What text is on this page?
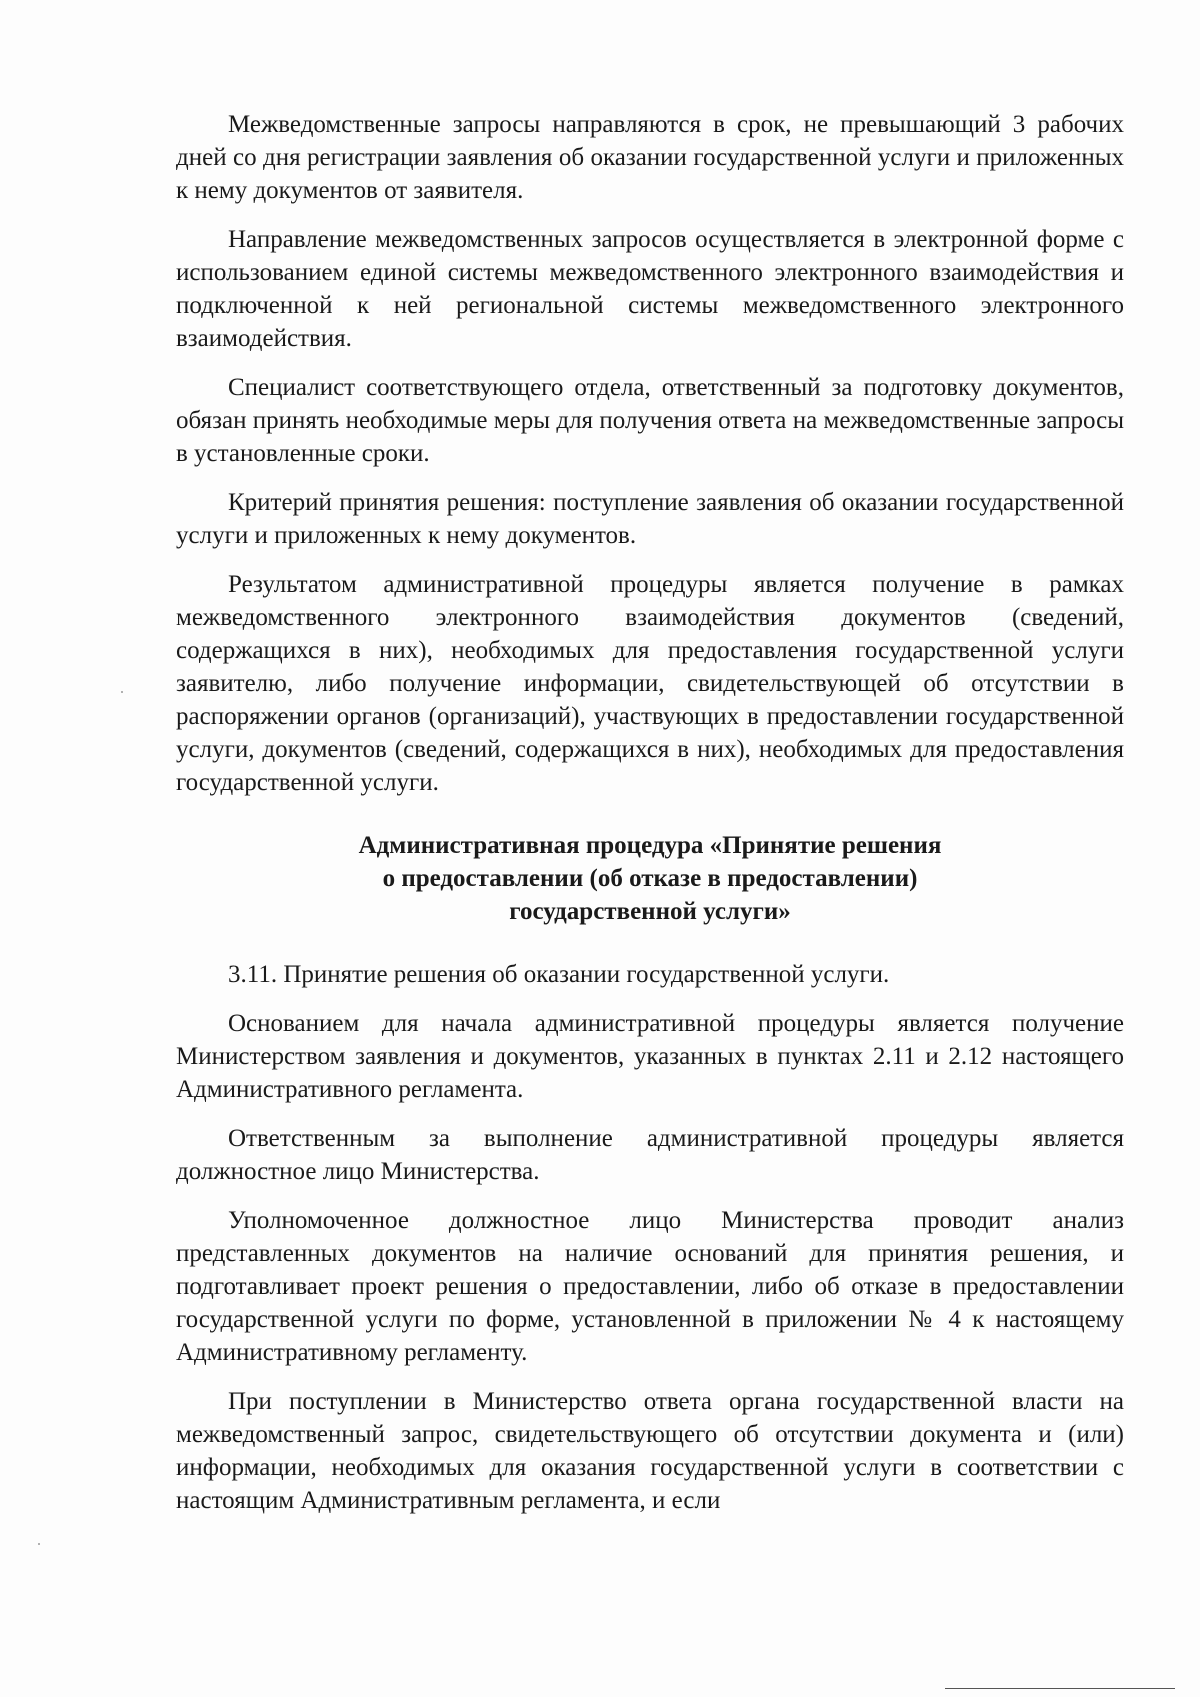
Межведомственные запросы направляются в срок, не превышающий 3 рабочих дней со дня регистрации заявления об оказании государственной услуги и приложенных к нему документов от заявителя.

Направление межведомственных запросов осуществляется в электронной форме с использованием единой системы межведомственного электронного взаимодействия и подключенной к ней региональной системы межведомственного электронного взаимодействия.

Специалист соответствующего отдела, ответственный за подготовку документов, обязан принять необходимые меры для получения ответа на межведомственные запросы в установленные сроки.

Критерий принятия решения: поступление заявления об оказании государственной услуги и приложенных к нему документов.

Результатом административной процедуры является получение в рамках межведомственного электронного взаимодействия документов (сведений, содержащихся в них), необходимых для предоставления государственной услуги заявителю, либо получение информации, свидетельствующей об отсутствии в распоряжении органов (организаций), участвующих в предоставлении государственной услуги, документов (сведений, содержащихся в них), необходимых для предоставления государственной услуги.

Административная процедура «Принятие решения
о предоставлении (об отказе в предоставлении)
государственной услуги»

3.11. Принятие решения об оказании государственной услуги.

Основанием для начала административной процедуры является получение Министерством заявления и документов, указанных в пунктах 2.11 и 2.12 настоящего Административного регламента.

Ответственным за выполнение административной процедуры является должностное лицо Министерства.

Уполномоченное должностное лицо Министерства проводит анализ представленных документов на наличие оснований для принятия решения, и подготавливает проект решения о предоставлении, либо об отказе в предоставлении государственной услуги по форме, установленной в приложении № 4 к настоящему Административному регламенту.

При поступлении в Министерство ответа органа государственной власти на межведомственный запрос, свидетельствующего об отсутствии документа и (или) информации, необходимых для оказания государственной услуги в соответствии с настоящим Административным регламента, и если
